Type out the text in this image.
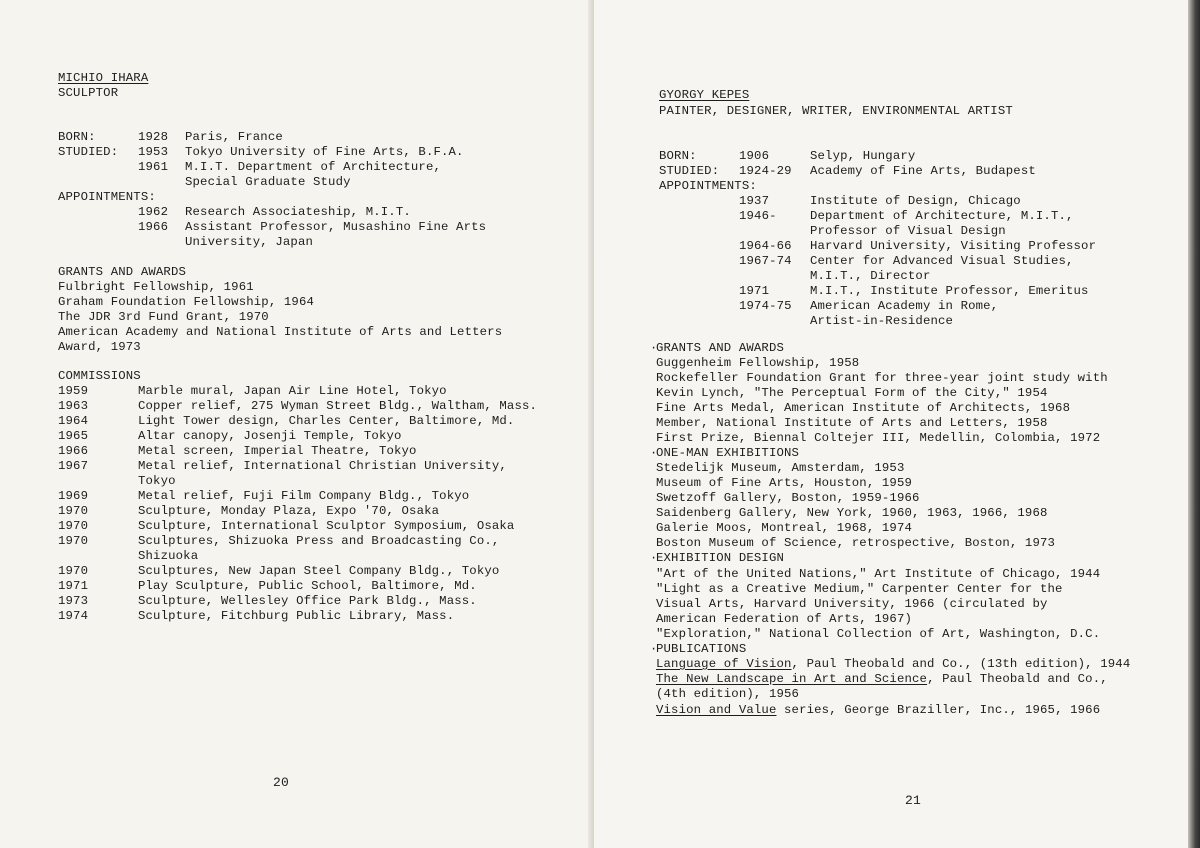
MICHIO IHARA
SCULPTOR
BORN:	1928 Paris, France
STUDIED: 1953 Tokyo University of Fine Arts, B.F.A.
1961 M.I.T. Department of Architecture,
Special Graduate Study
APPOINTMENTS:
1962 Research Associateship, M.I.T.
1966 Assistant Professor, Musashino Fine Arts
University, Japan
GRANTS AND AWARDS
Fulbright Fellowship, 1961
Graham Foundation Fellowship, 1964
The JDR 3rd Fund Grant, 1970
American Academy and National Institute of Arts and Letters
Award, 1973
COMMISSIONS
1959	Marble mural, Japan Air Line Hotel, Tokyo
1963	Copper relief, 275 Wyman Street Bldg., Waltham, Mass.
1964	Light Tower design, Charles Center, Baltimore, Md.
1965	Altar canopy, Josenji Temple, Tokyo
1966	Metal screen, Imperial Theatre, Tokyo
1967	Metal relief, International Christian University,
Tokyo
1969	Metal relief, Fuji Film Company Bldg., Tokyo
1970	Sculpture, Monday Plaza, Expo '70, Osaka
1970	Sculpture, International Sculptor Symposium, Osaka
1970	Sculptures, Shizuoka Press and Broadcasting Co.,
Shizuoka
1970	Sculptures, New Japan Steel Company Bldg., Tokyo
1971	Play Sculpture, Public School, Baltimore, Md.
1973	Sculpture, Wellesley Office Park Bldg., Mass.
1974	Sculpture, Fitchburg Public Library, Mass.
20
GYORGY KEPES
PAINTER, DESIGNER, WRITER, ENVIRONMENTAL ARTIST
BORN:	1906	Selyp, Hungary
STUDIED: 1924-29 Academy of Fine Arts, Budapest
APPOINTMENTS:
1937	Institute of Design, Chicago
1946-	Department of Architecture, M.I.T.,
Professor of Visual Design
1964-66 Harvard University, Visiting Professor
1967-74 Center for Advanced Visual Studies,
M.I.T., Director
1971	M.I.T., Institute Professor, Emeritus
1974-75 American Academy in Rome,
Artist-in-Residence
·
GRANTS AND AWARDS
Guggenheim Fellowship, 1958
Rockefeller Foundation Grant for three-year joint study with
Kevin Lynch, "The Perceptual Form of the City," 1954
Fine Arts Medal, American Institute of Architects, 1968
Member, National Institute of Arts and Letters, 1958
First Prize, Biennal Coltejer III, Medellin, Colombia, 1972
·
ONE-MAN EXHIBITIONS
Stedelijk Museum, Amsterdam, 1953
Museum of Fine Arts, Houston, 1959
Swetzoff Gallery, Boston, 1959-1966
Saidenberg Gallery, New York, 1960, 1963, 1966, 1968
Galerie Moos, Montreal, 1968, 1974
Boston Museum of Science, retrospective, Boston, 1973
·
EXHIBITION DESIGN
"Art of the United Nations," Art Institute of Chicago, 1944
"Light as a Creative Medium," Carpenter Center for the
Visual Arts, Harvard University, 1966 (circulated by
American Federation of Arts, 1967)
"Exploration," National Collection of Art, Washington, D.C.
·
PUBLICATIONS
Language of Vision, Paul Theobald and Co., (13th edition), 1944
The New Landscape in Art and Science, Paul Theobald and Co.,
(4th edition), 1956
Vision and Value series, George Braziller, Inc., 1965, 1966
21
